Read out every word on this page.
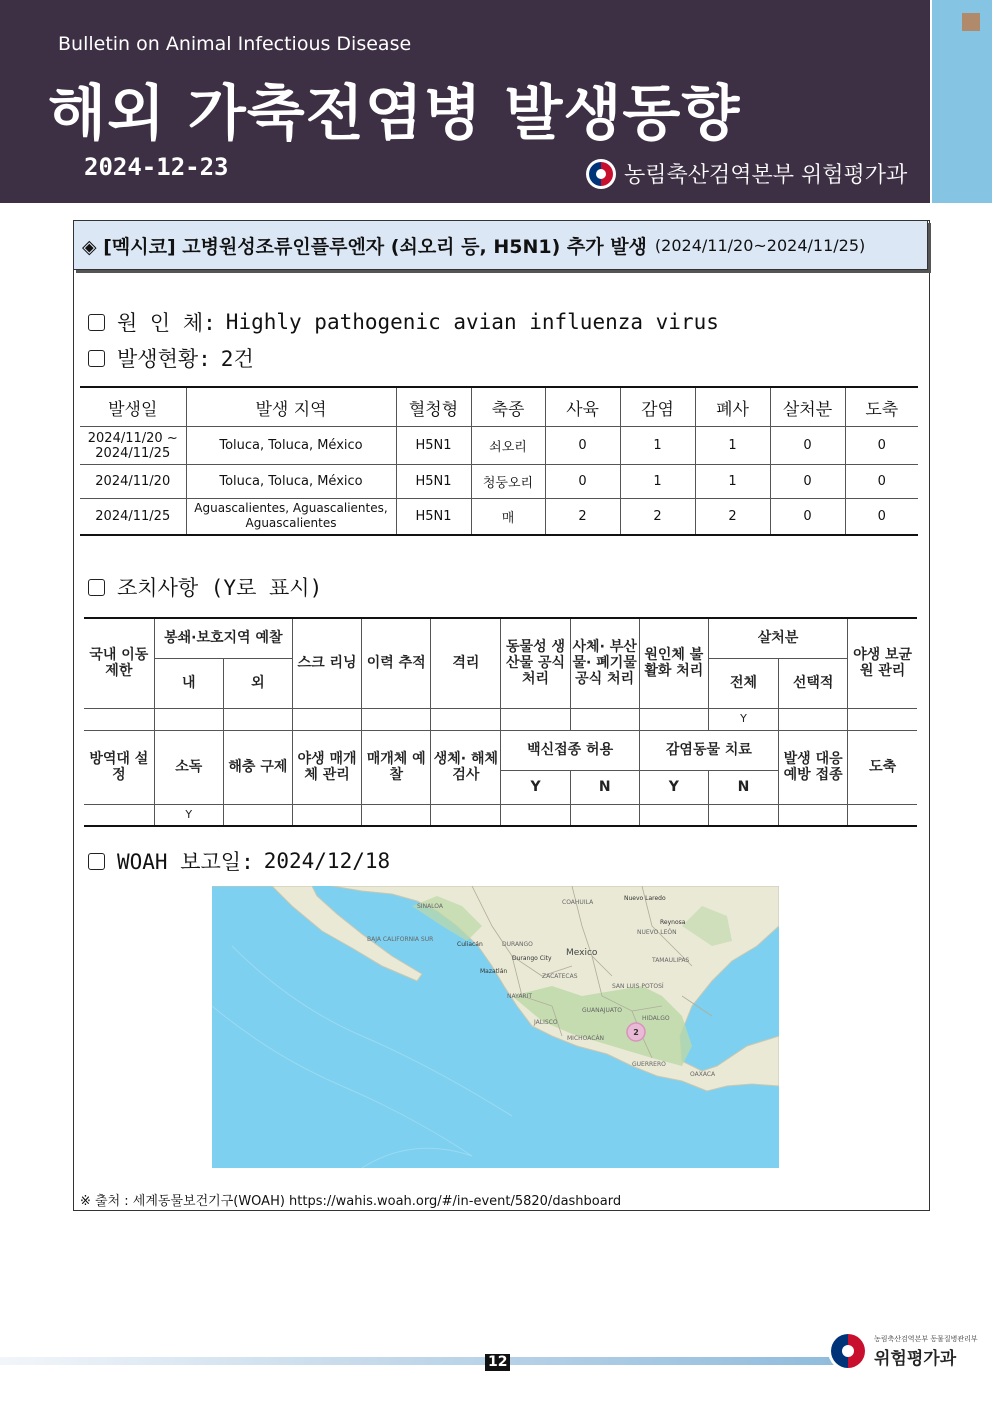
Bulletin on Animal Infectious Disease
해외 가축전염병 발생동향
2024-12-23	농림축산검역본부 위험평가과
◈ [멕시코] 고병원성조류인플루엔자 (쇠오리 등, H5N1) 추가 발생 (2024/11/20~2024/11/25)
원 인 체: Highly pathogenic avian influenza virus
발생현황: 2건
발생일	발생 지역	혈청형	축종	사육	감염	폐사	살처분	도축
2024/11/20 ~ 2024/11/25	Toluca, Toluca, México	H5N1	쇠오리	0	1	1	0	0
2024/11/20	Toluca, Toluca, México	H5N1	청둥오리	0	1	1	0	0
2024/11/25	Aguascalientes, Aguascalientes, Aguascalientes	H5N1	매	2	2	2	0	0
조치사항 (Y로 표시)
국내 이동 제한	봉쇄·보호지역 예찰		스크 리닝	이력 추적	격리	동물성 생산물 공식 처리	사체· 부산물· 폐기물 공식 처리	원인체 불활화 처리	살처분		야생 보균원 관리
	내	외							전체	선택적	
									Y		
방역대 설정	소독	해충 구제	야생 매개체 관리	매개체 예찰	생체· 해체 검사	백신접종 허용		감염동물 치료		발생 대응 예방 접종	도축
						Y	N	Y	N		
	Y										
WOAH 보고일: 2024/12/18
Nuevo Laredo
COAHUILA
Reynosa
SINALOA
Culiacán	DURANGO
NUEVO LEÓN
BAJA CALIFORNIA SUR
Durango City
Mexico
TAMAULIPAS
Mazatlán
ZACATECAS
SAN LUIS POTOSÍ
NAYARIT
GUANAJUATO
JALISCO
HIDALGO
MICHOACÁN
GUERRERO
OAXACA
2
※ 출처 : 세계동물보건기구(WOAH) https://wahis.woah.org/#/in-event/5820/dashboard
12
농림축산검역본부 동물질병관리부
위험평가과
